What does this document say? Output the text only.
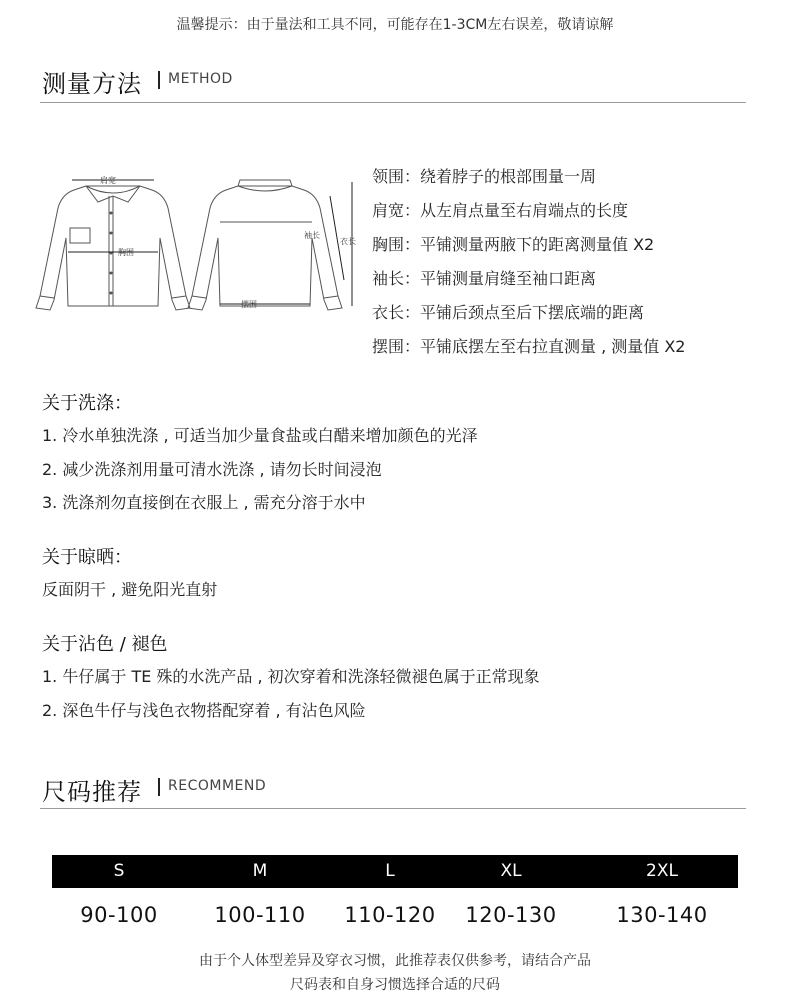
温馨提示：由于量法和工具不同，可能存在1-3CM左右误差，敬请谅解
测量方法 METHOD
肩宽
胸围
摆围
袖长
衣长
领围：绕着脖子的根部围量一周
肩宽：从左肩点量至右肩端点的长度
胸围：平铺测量两腋下的距离测量值 X2
袖长：平铺测量肩缝至袖口距离
衣长：平铺后颈点至后下摆底端的距离
摆围：平铺底摆左至右拉直测量 , 测量值 X2
关于洗涤：
1. 冷水单独洗涤 , 可适当加少量食盐或白醋来增加颜色的光泽
2. 减少洗涤剂用量可清水洗涤 , 请勿长时间浸泡
3. 洗涤剂勿直接倒在衣服上 , 需充分溶于水中
关于晾晒：
反面阴干 , 避免阳光直射
关于沾色 / 褪色
1. 牛仔属于 TE 殊的水洗产品 , 初次穿着和洗涤轻微褪色属于正常现象
2. 深色牛仔与浅色衣物搭配穿着 , 有沾色风险
尺码推荐 RECOMMEND
S	M	L	XL	2XL
90-100	100-110	110-120	120-130	130-140
由于个人体型差异及穿衣习惯，此推荐表仅供参考，请结合产品
尺码表和自身习惯选择合适的尺码
